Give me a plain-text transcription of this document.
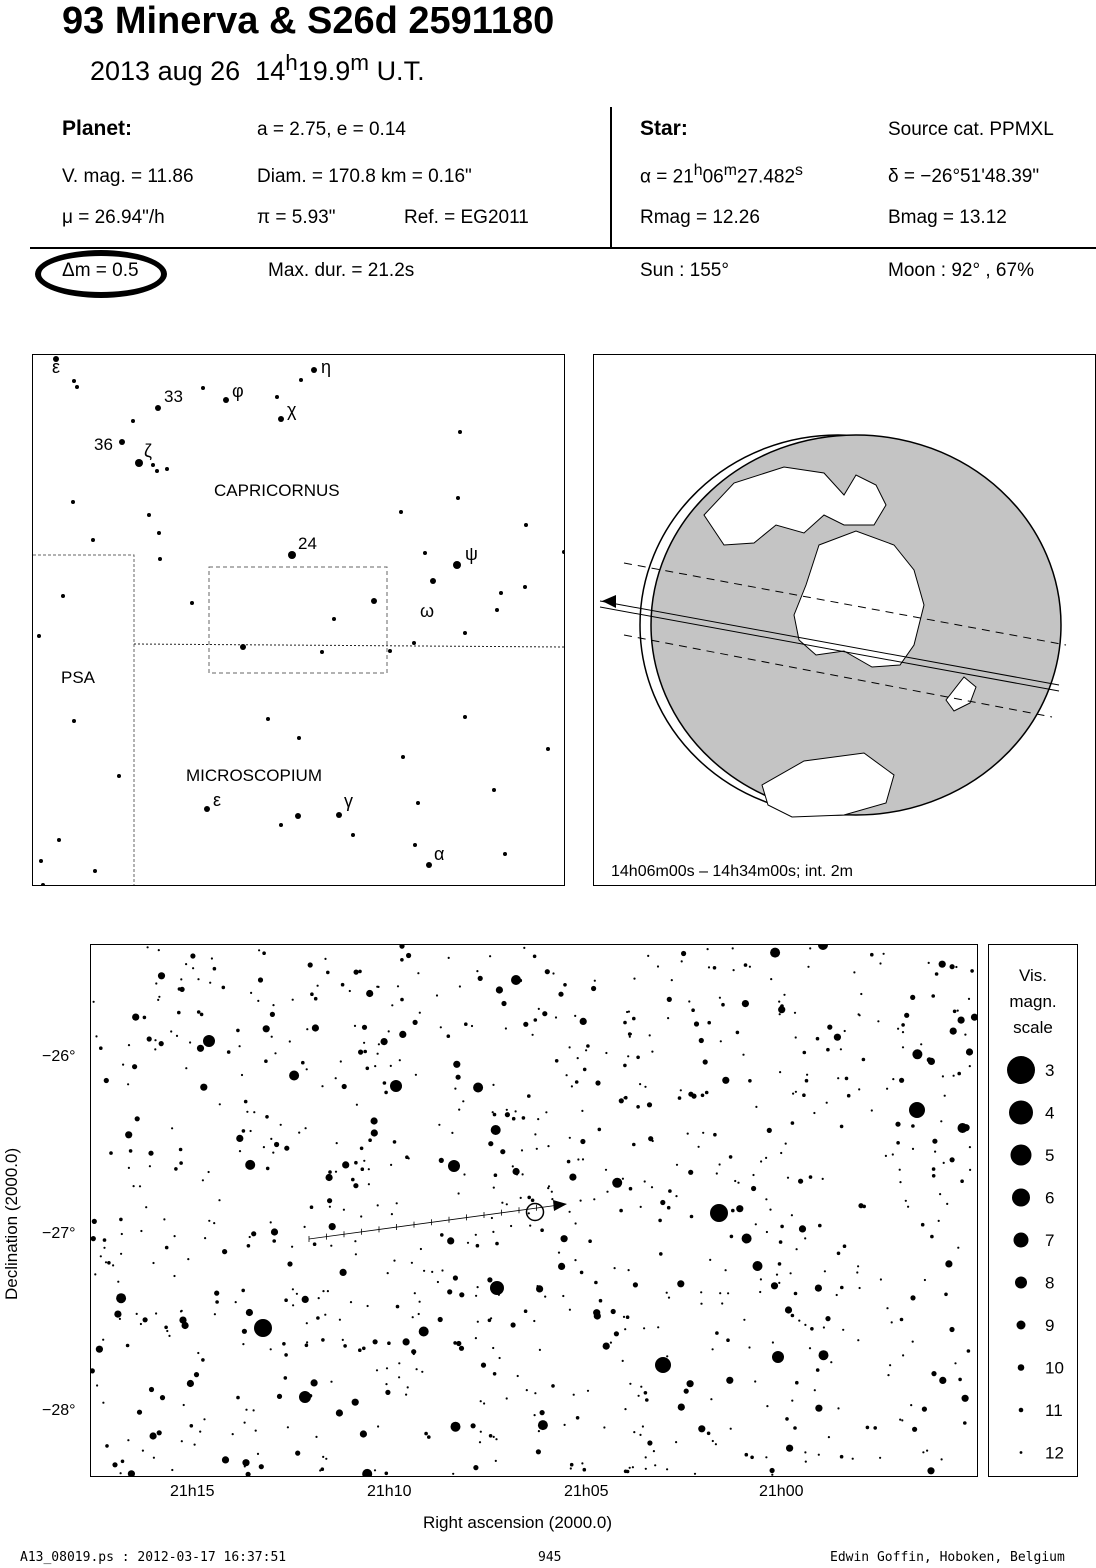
93 Minerva & S26d 2591180
2013 aug 26 14$^h$19.9$^m$ U.T.
Planet:	a = 2.75, e = 0.14
V. mag. = 11.86	Diam. = 170.8 km = 0.16"
μ = 26.94"/h	π = 5.93"	Ref. = EG2011
Star:	Source cat. PPMXL
$\alpha = 21^h06^m27.482^s$	δ = −26°51'48.39"
Rmag = 12.26	Bmag = 13.12
Δm = 0.5	Max. dur. = 21.2s	Sun : 155°	Moon : 92° , 67%
ε	η
33	φ
χ
36 ζ
24
ψ
ω
ε	γ
α
CAPRICORNUS
PSA
MICROSCOPIUM
14h06m00s – 14h34m00s; int. 2m
Declination (2000.0)
21h15	21h10	21h05	21h00
−26°
−27°
−28°
Right ascension (2000.0)
Vis.
magn.
scale
3
4
5
6
7
8
9
10
11
12
A13_08019.ps : 2012-03-17 16:37:51	945	Edwin Goffin, Hoboken, Belgium
